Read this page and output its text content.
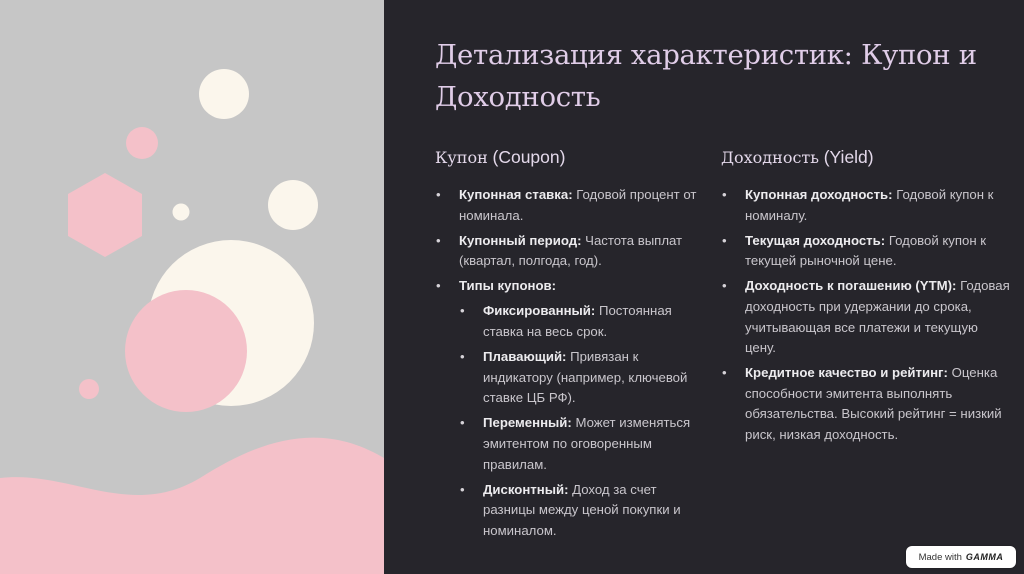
Детализация характеристик: Купон и Доходность
Купон (Coupon)
• Купонная ставка: Годовой процент от номинала.
• Купонный период: Частота выплат (квартал, полгода, год).
• Типы купонов:
• Фиксированный: Постоянная ставка на весь срок.
• Плавающий: Привязан к индикатору (например, ключевой ставке ЦБ РФ).
• Переменный: Может изменяться эмитентом по оговоренным правилам.
• Дисконтный: Доход за счет разницы между ценой покупки и номиналом.
Доходность (Yield)
• Купонная доходность: Годовой купон к номиналу.
• Текущая доходность: Годовой купон к текущей рыночной цене.
• Доходность к погашению (YTM): Годовая доходность при удержании до срока, учитывающая все платежи и текущую цену.
• Кредитное качество и рейтинг: Оценка способности эмитента выполнять обязательства. Высокий рейтинг = низкий риск, низкая доходность.
Made with GAMMA
